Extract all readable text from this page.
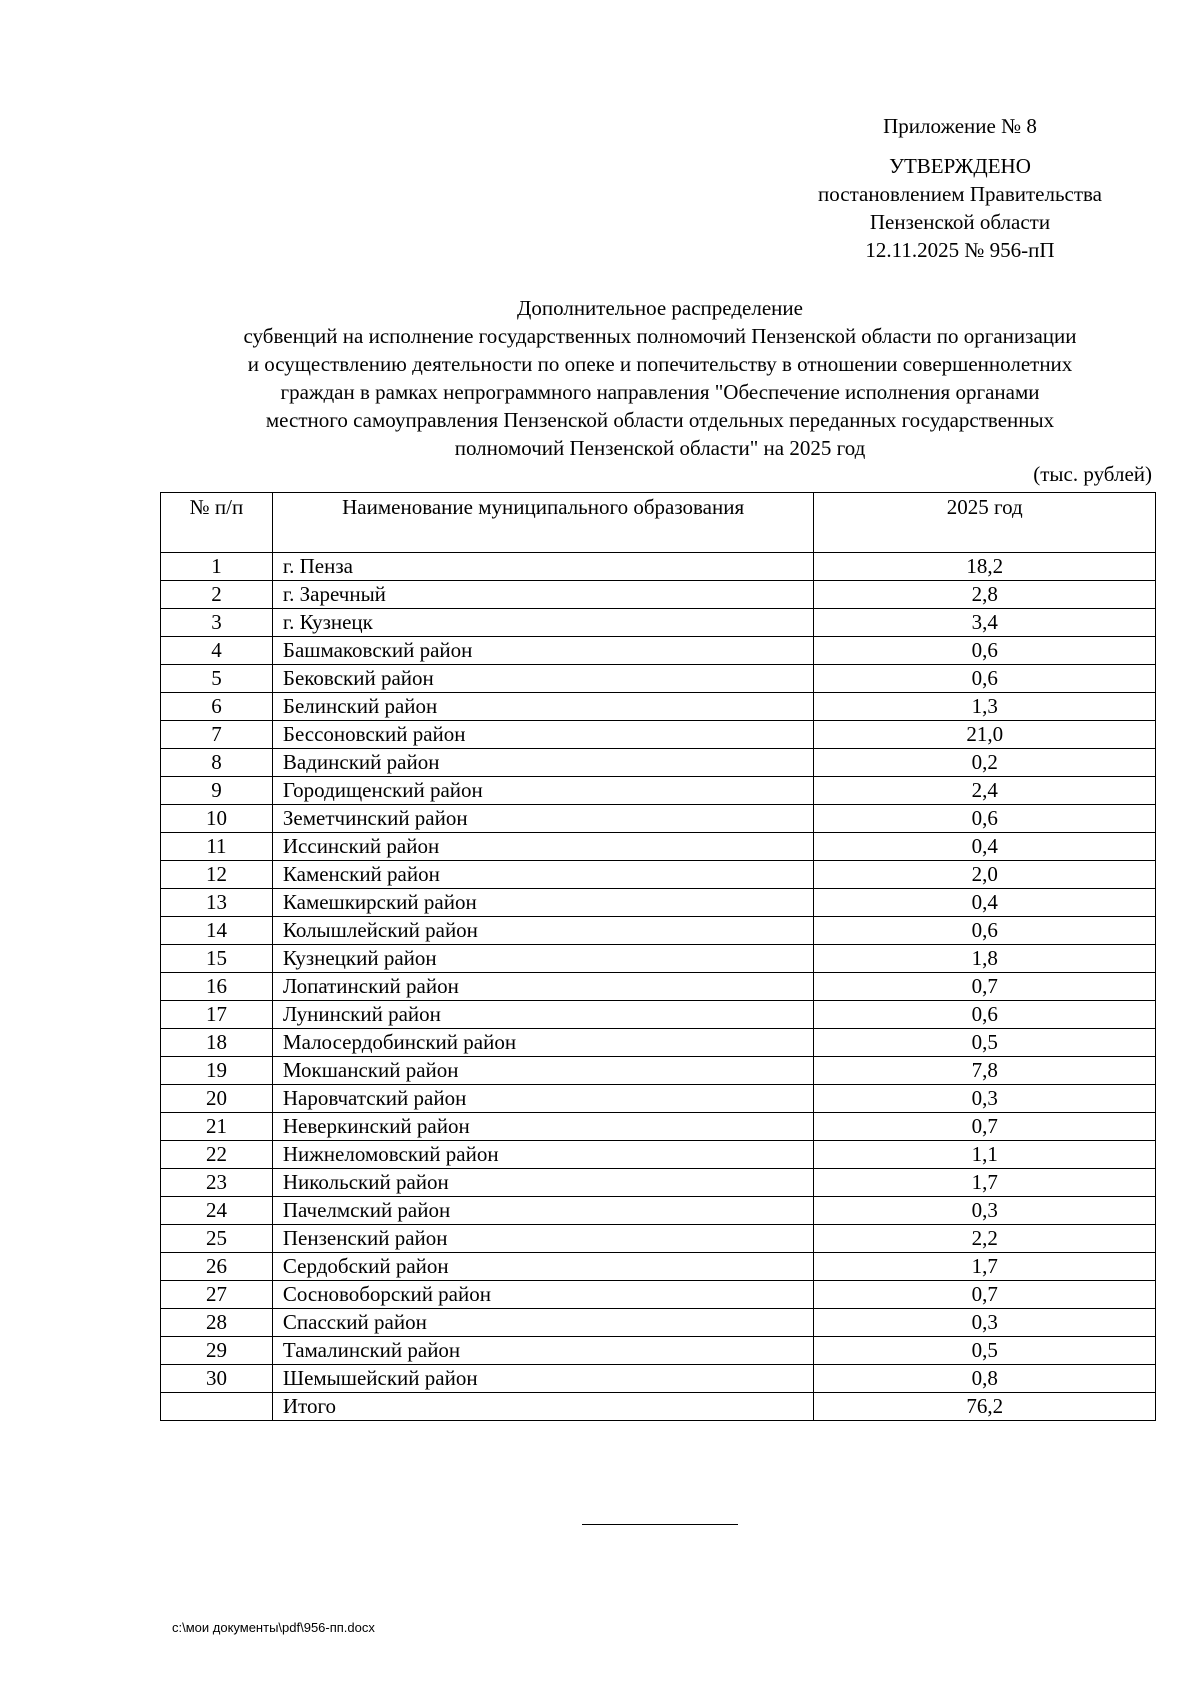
Приложение № 8
УТВЕРЖДЕНО
постановлением Правительства
Пензенской области
12.11.2025 № 956-пП
Дополнительное распределение
субвенций на исполнение государственных полномочий Пензенской области по организации
и осуществлению деятельности по опеке и попечительству в отношении совершеннолетних
граждан в рамках непрограммного направления "Обеспечение исполнения органами
местного самоуправления Пензенской области отдельных переданных государственных
полномочий Пензенской области" на 2025 год
(тыс. рублей)
№ п/п	Наименование муниципального образования	2025 год
1	г. Пенза	18,2
2	г. Заречный	2,8
3	г. Кузнецк	3,4
4	Башмаковский район	0,6
5	Бековский район	0,6
6	Белинский район	1,3
7	Бессоновский район	21,0
8	Вадинский район	0,2
9	Городищенский район	2,4
10	Земетчинский район	0,6
11	Иссинский район	0,4
12	Каменский район	2,0
13	Камешкирский район	0,4
14	Колышлейский район	0,6
15	Кузнецкий район	1,8
16	Лопатинский район	0,7
17	Лунинский район	0,6
18	Малосердобинский район	0,5
19	Мокшанский район	7,8
20	Наровчатский район	0,3
21	Неверкинский район	0,7
22	Нижнеломовский район	1,1
23	Никольский район	1,7
24	Пачелмский район	0,3
25	Пензенский район	2,2
26	Сердобский район	1,7
27	Сосновоборский район	0,7
28	Спасский район	0,3
29	Тамалинский район	0,5
30	Шемышейский район	0,8
	Итого	76,2
c:\мои документы\pdf\956-пп.docx
